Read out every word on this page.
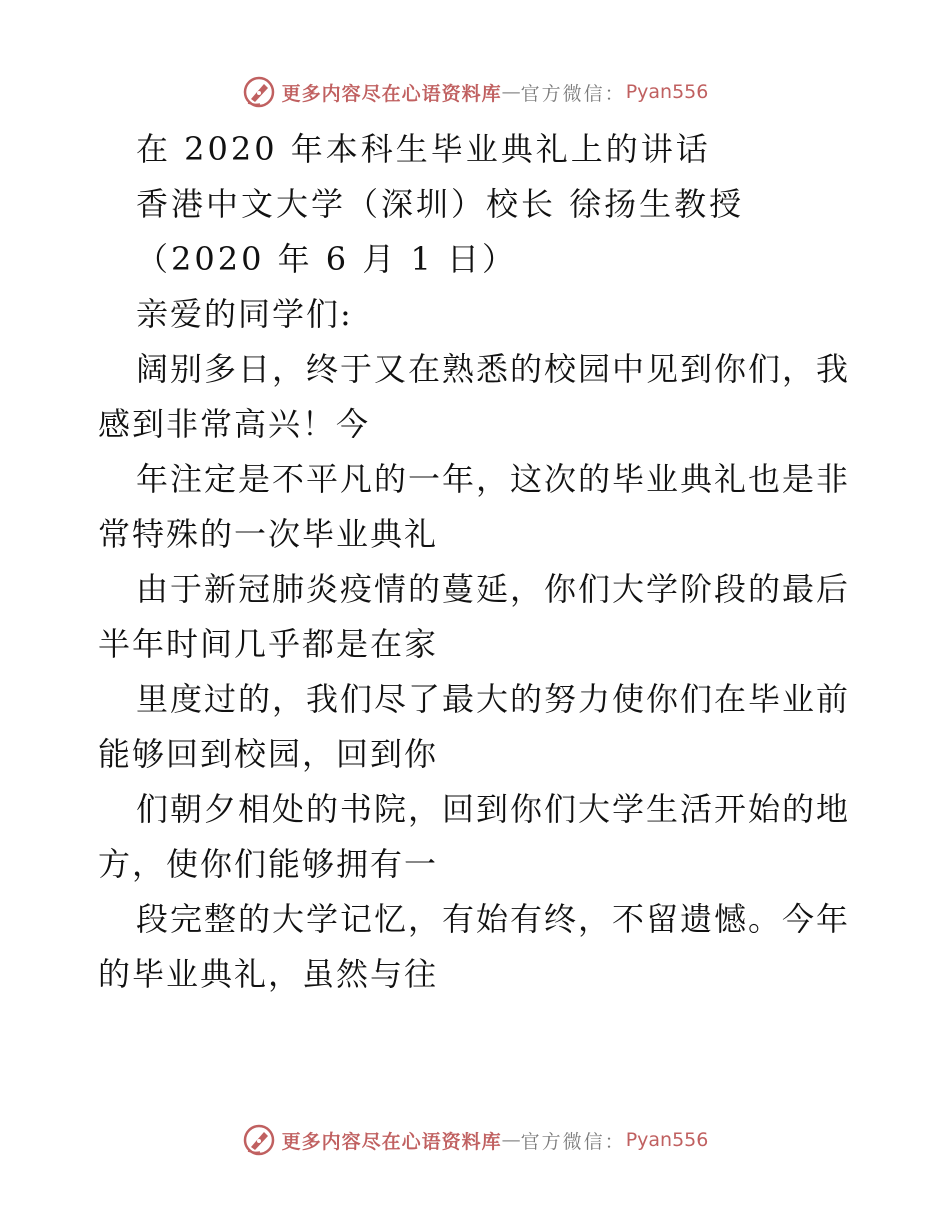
更多内容尽在心语资料库 — 官方微信： Pyan556
在 2020 年本科生毕业典礼上的讲话
香港中文大学（深圳）校长 徐扬生教授
（2020 年 6 月 1 日）
亲爱的同学们:
阔别多日，终于又在熟悉的校园中见到你们，我
感到非常高兴！今
年注定是不平凡的一年，这次的毕业典礼也是非
常特殊的一次毕业典礼
由于新冠肺炎疫情的蔓延，你们大学阶段的最后
半年时间几乎都是在家
里度过的，我们尽了最大的努力使你们在毕业前
能够回到校园，回到你
们朝夕相处的书院，回到你们大学生活开始的地
方，使你们能够拥有一
段完整的大学记忆，有始有终，不留遗憾。今年
的毕业典礼，虽然与往
更多内容尽在心语资料库 — 官方微信： Pyan556
